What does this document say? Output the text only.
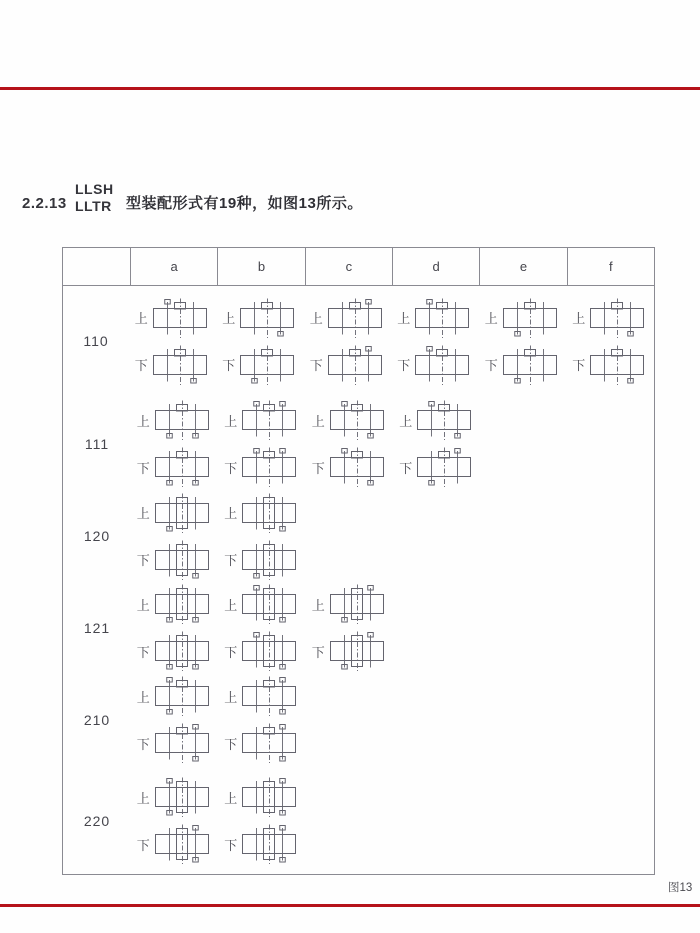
2.2.13
LLSH
LLTR 型装配形式有19种，如图13所示。
a	b	c	d	e	f
110
上	上	上	上	上	上
下	下	下	下	下	下
111
上	上	上	上
下	下	下	下
120
上	上
下	下
121
上	上	上
下	下	下
210
上	上
下	下
220
上	上
下	下
图13
